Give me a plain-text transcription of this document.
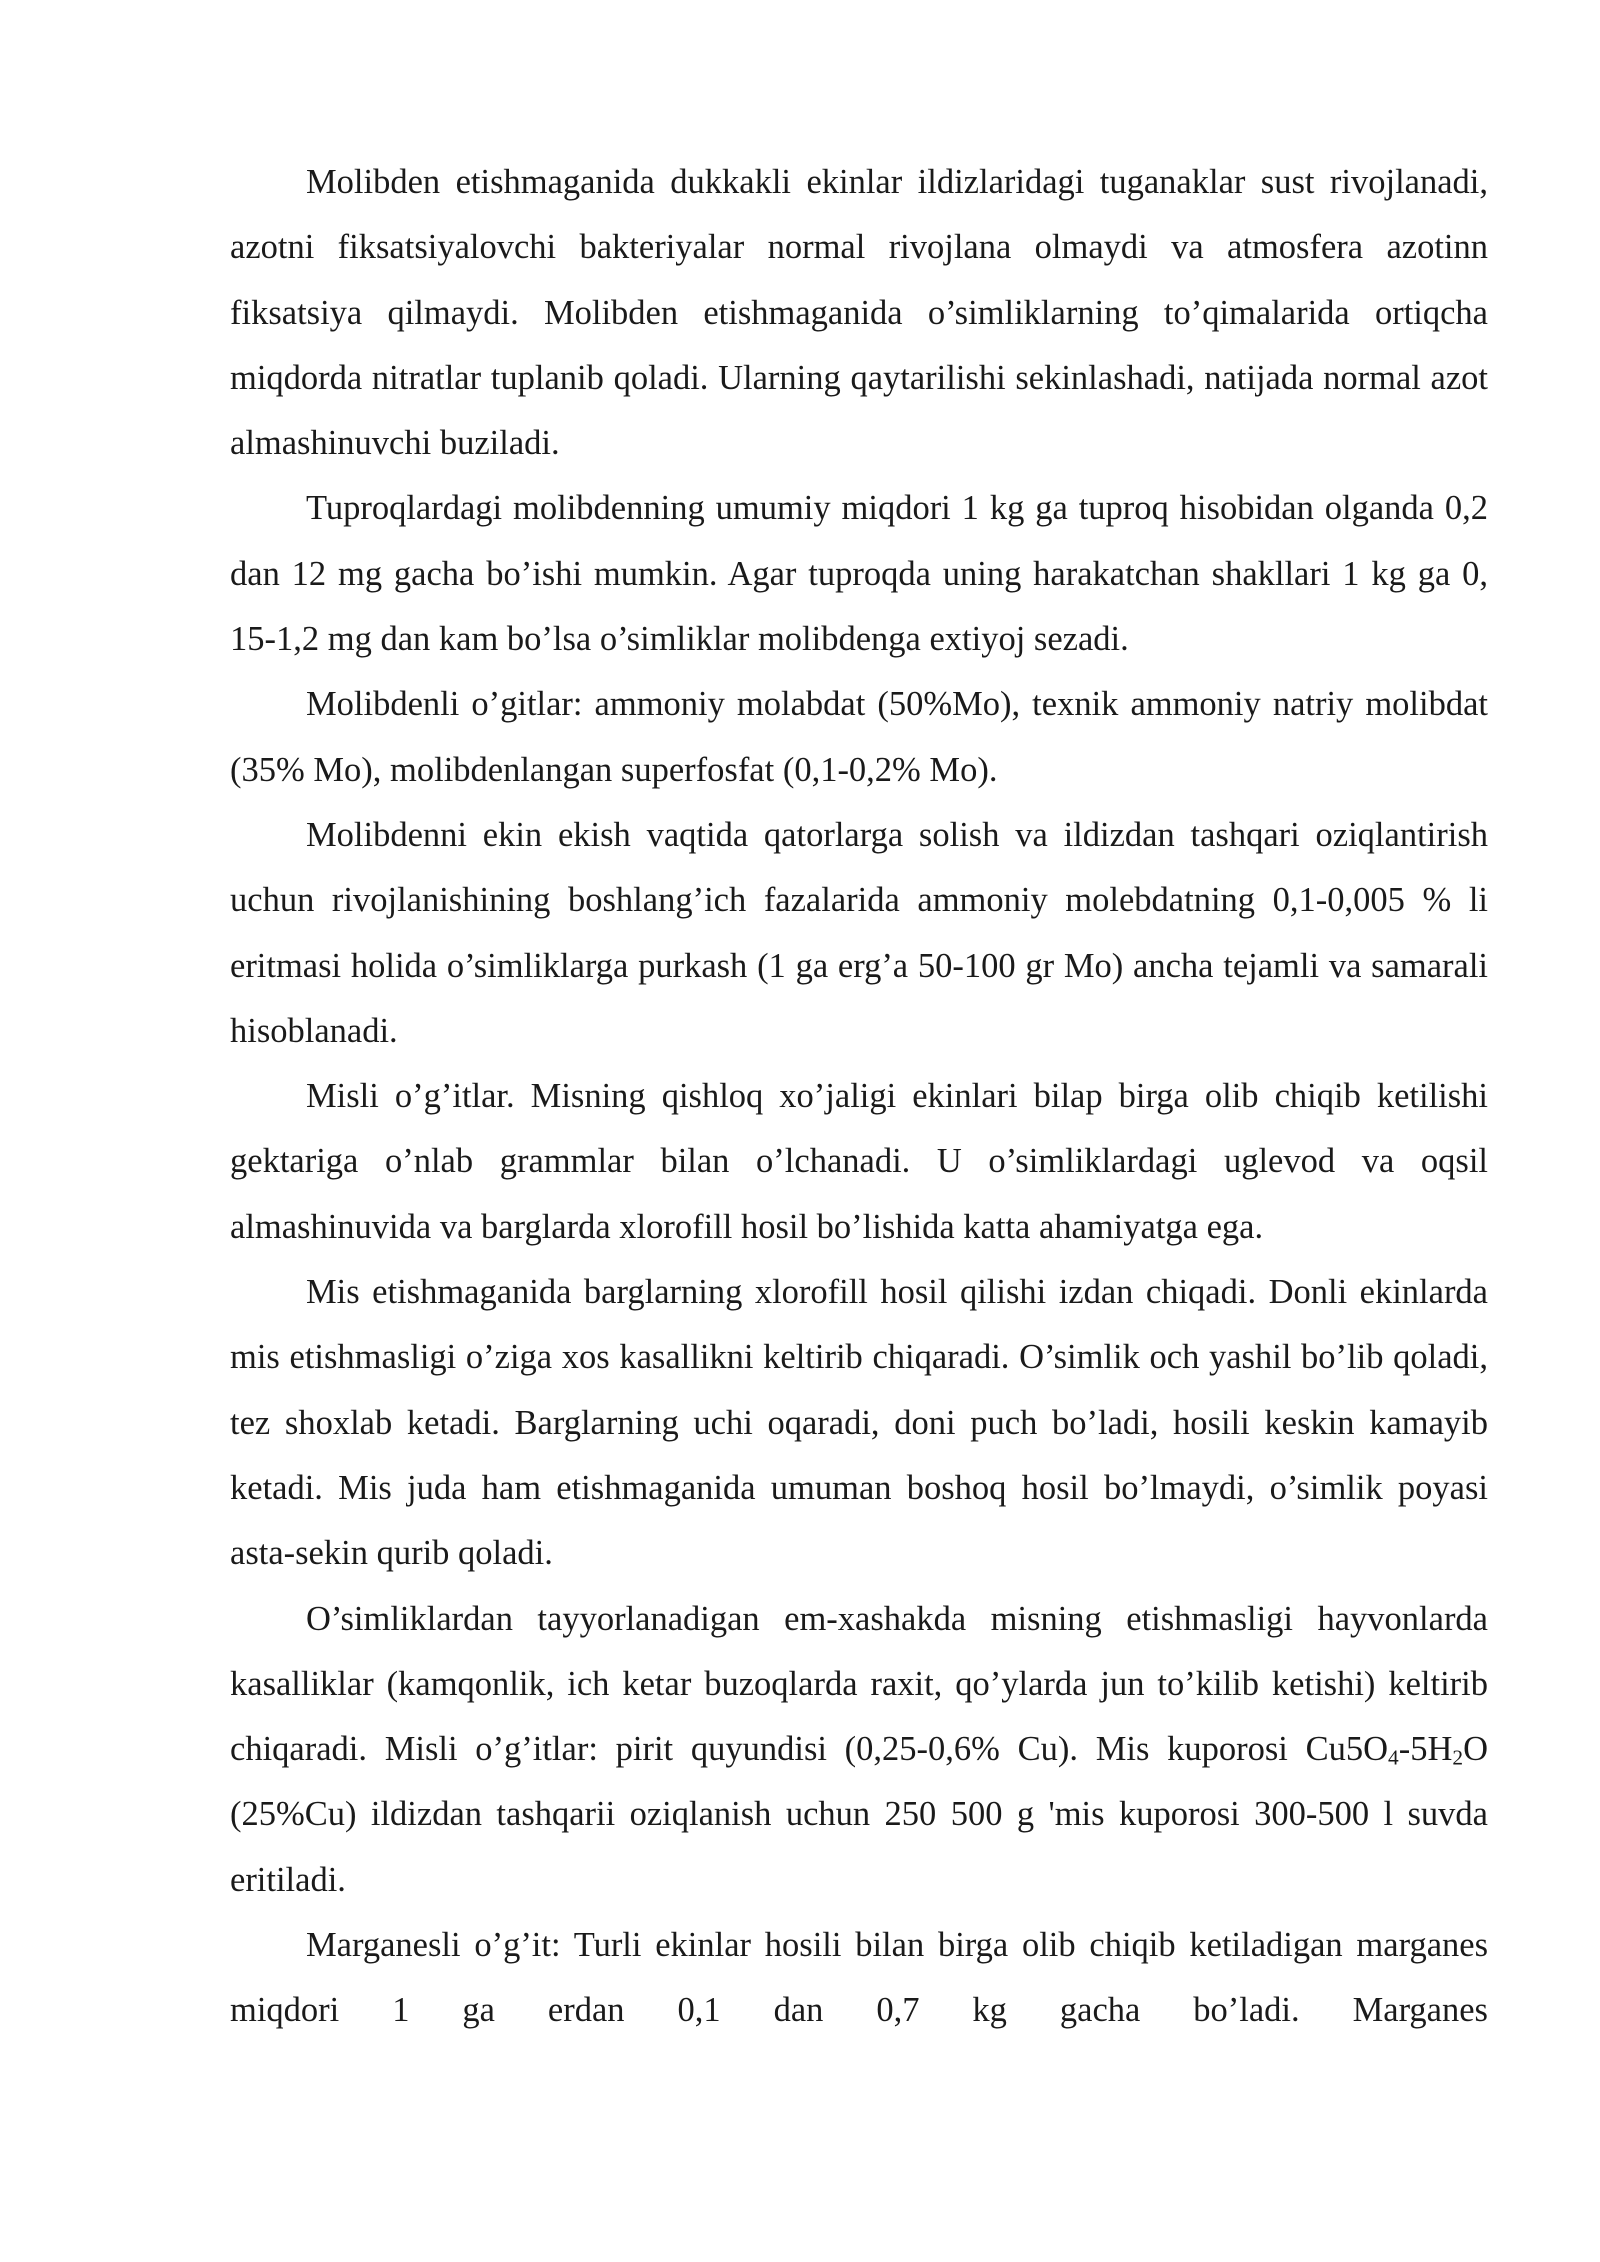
Molibden etishmaganida dukkakli ekinlar ildizlaridagi tuganaklar sust rivojlanadi, azotni fiksatsiyalovchi bakteriyalar normal rivojlana olmaydi va atmosfera azotinn fiksatsiya qilmaydi. Molibden etishmaganida o’simliklarning to’qimalarida ortiqcha miqdorda nitratlar tuplanib qoladi. Ularning qaytarilishi sekinlashadi, natijada normal azot almashinuvchi buziladi.

Tuproqlardagi molibdenning umumiy miqdori 1 kg ga tuproq hisobidan olganda 0,2 dan 12 mg gacha bo’ishi mumkin. Agar tuproqda uning harakatchan shakllari 1 kg ga 0, 15-1,2 mg dan kam bo’lsa o’simliklar molibdenga extiyoj sezadi.

Molibdenli o’gitlar: ammoniy molabdat (50%Mo), texnik ammoniy natriy molibdat (35% Mo), molibdenlangan superfosfat (0,1-0,2% Mo).

Molibdenni ekin ekish vaqtida qatorlarga solish va ildizdan tashqari oziqlantirish uchun rivojlanishining boshlang’ich fazalarida ammoniy molebdatning 0,1-0,005 % li eritmasi holida o’simliklarga purkash (1 ga erg’a 50-100 gr Mo) ancha tejamli va samarali hisoblanadi.

Misli o’g’itlar. Misning qishloq xo’jaligi ekinlari bilap birga olib chiqib ketilishi gektariga o’nlab grammlar bilan o’lchanadi. U o’simliklardagi uglevod va oqsil almashinuvida va barglarda xlorofill hosil bo’lishida katta ahamiyatga ega.

Mis etishmaganida barglarning xlorofill hosil qilishi izdan chiqadi. Donli ekinlarda mis etishmasligi o’ziga xos kasallikni keltirib chiqaradi. O’simlik och yashil bo’lib qoladi, tez shoxlab ketadi. Barglarning uchi oqaradi, doni puch bo’ladi, hosili keskin kamayib ketadi. Mis juda ham etishmaganida umuman boshoq hosil bo’lmaydi, o’simlik poyasi asta-sekin qurib qoladi.

O’simliklardan tayyorlanadigan em-xashakda misning etishmasligi hayvonlarda kasalliklar (kamqonlik, ich ketar buzoqlarda raxit, qo’ylarda jun to’kilib ketishi) keltirib chiqaradi. Misli o’g’itlar: pirit quyundisi (0,25-0,6% Cu). Mis kuporosi $Cu5O_4-5H_2O$ (25%Cu) ildizdan tashqarii oziqlanish uchun 250 500 g 'mis kuporosi 300-500 l suvda eritiladi.

Marganesli o’g’it: Turli ekinlar hosili bilan birga olib chiqib ketiladigan marganes miqdori 1 ga erdan 0,1 dan 0,7 kg gacha bo’ladi. Marganes
